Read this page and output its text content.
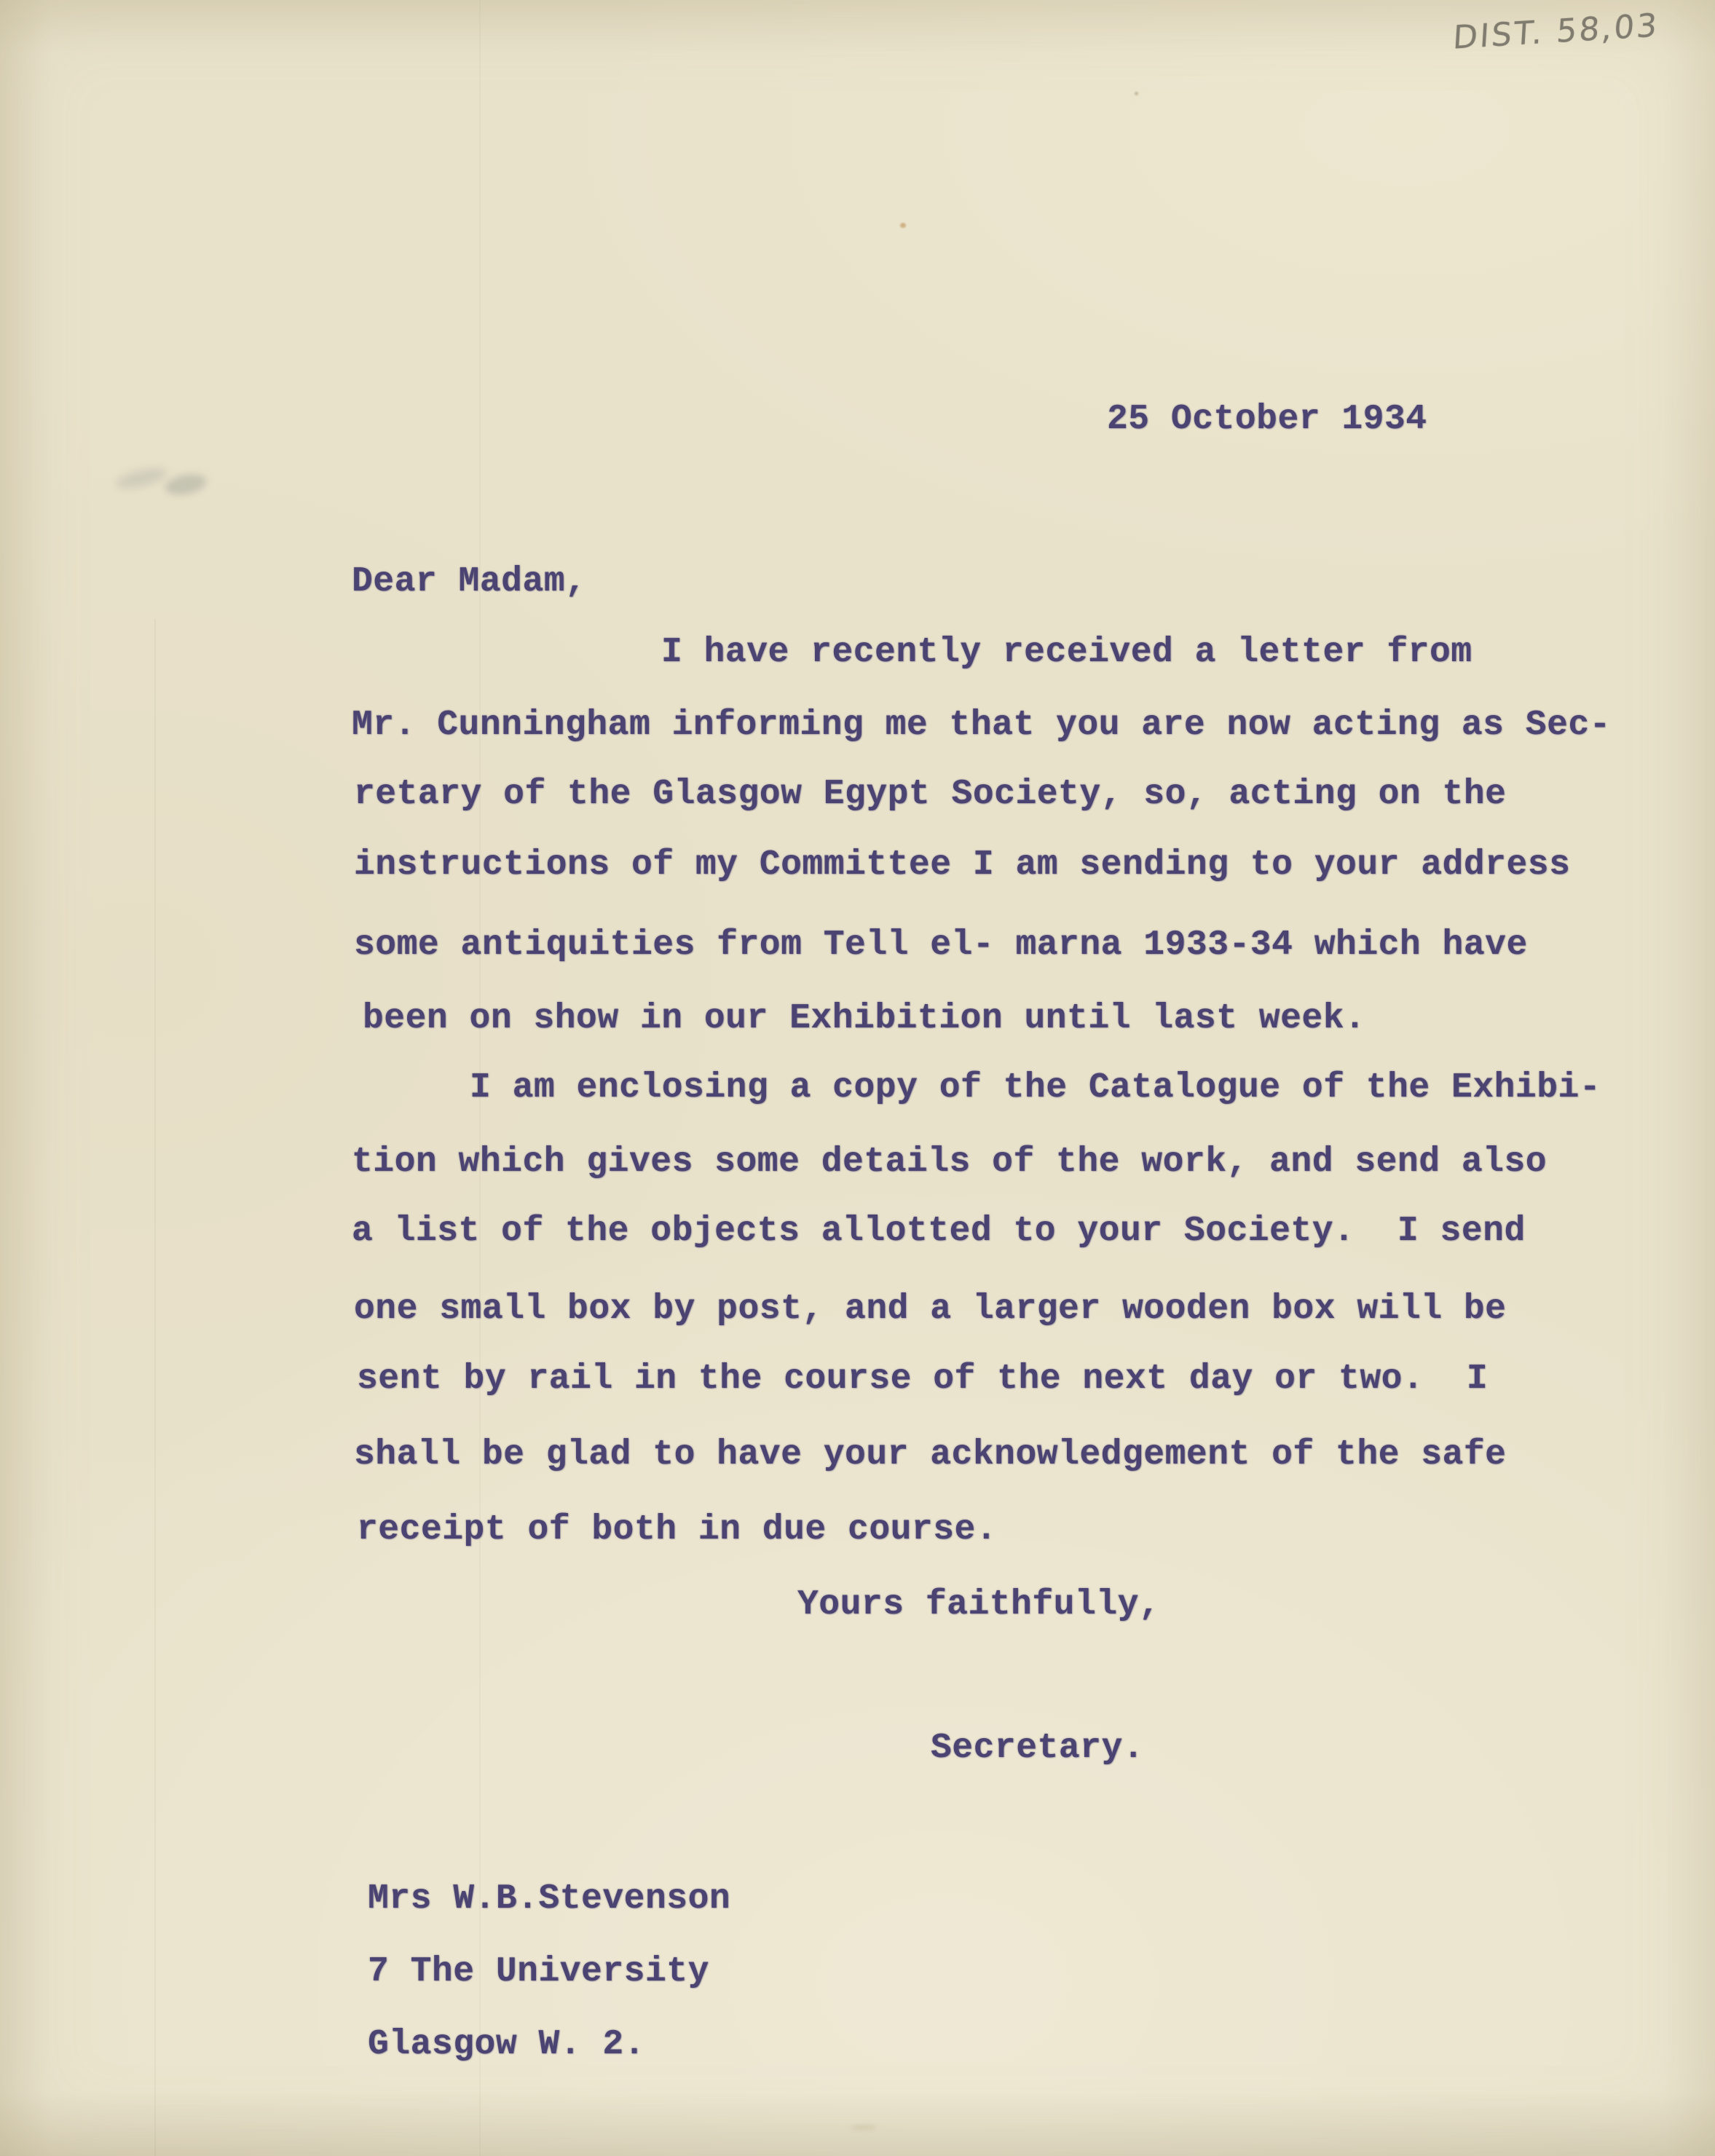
DIST. 58,03
25 October 1934
Dear Madam,
I have recently received a letter from
Mr. Cunningham informing me that you are now acting as Sec-
retary of the Glasgow Egypt Society, so, acting on the
instructions of my Committee I am sending to your address
some antiquities from Tell el- marna 1933-34 which have
been on show in our Exhibition until last week.
I am enclosing a copy of the Catalogue of the Exhibi-
tion which gives some details of the work, and send also
a list of the objects allotted to your Society.  I send
one small box by post, and a larger wooden box will be
sent by rail in the course of the next day or two.  I
shall be glad to have your acknowledgement of the safe
receipt of both in due course.
Yours faithfully,
Secretary.
Mrs W.B.Stevenson
7 The University
Glasgow W. 2.
